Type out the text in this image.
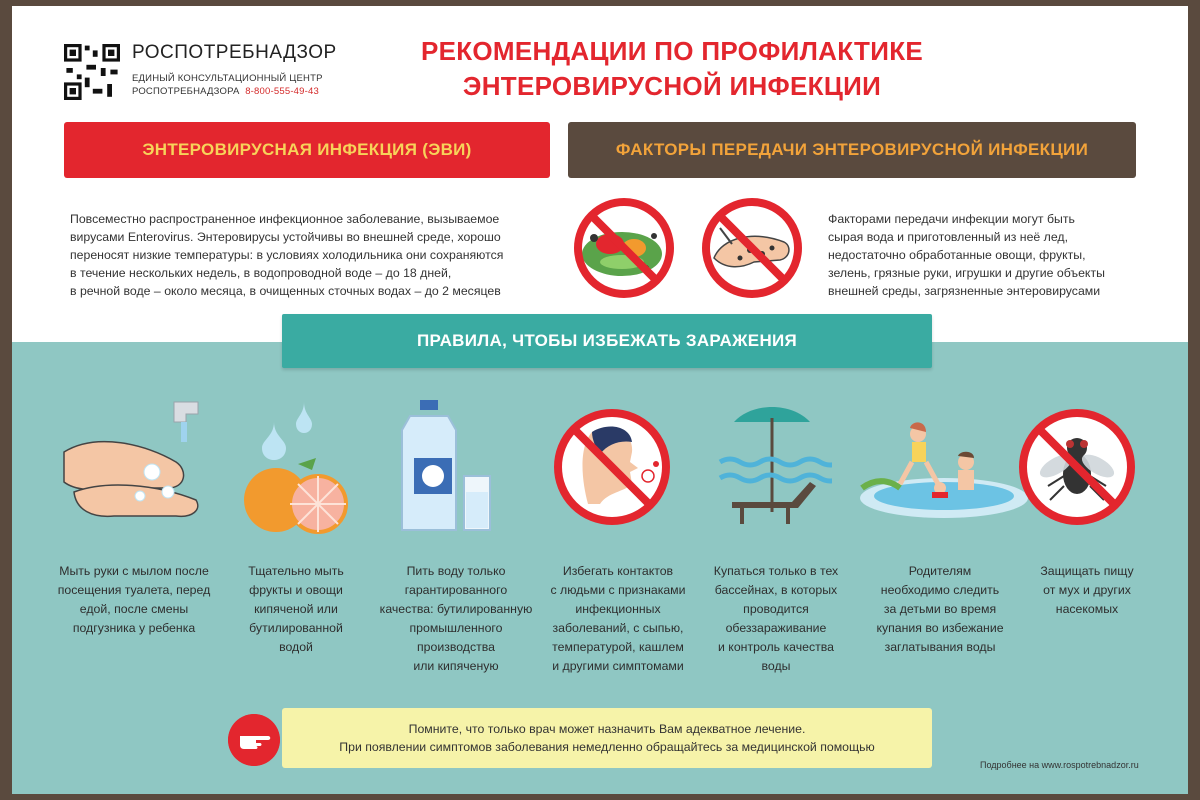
РОСПОТРЕБНАДЗОР
ЕДИНЫЙ КОНСУЛЬТАЦИОННЫЙ ЦЕНТР
РОСПОТРЕБНАДЗОРА 8-800-555-49-43
РЕКОМЕНДАЦИИ ПО ПРОФИЛАКТИКЕ
ЭНТЕРОВИРУСНОЙ ИНФЕКЦИИ
ЭНТЕРОВИРУСНАЯ ИНФЕКЦИЯ (ЭВИ)	ФАКТОРЫ ПЕРЕДАЧИ ЭНТЕРОВИРУСНОЙ ИНФЕКЦИИ
Повсеместно распространенное инфекционное заболевание, вызываемое
вирусами Enterovirus. Энтеровирусы устойчивы во внешней среде, хорошо
переносят низкие температуры: в условиях холодильника они сохраняются
в течение нескольких недель, в водопроводной воде – до 18 дней,
в речной воде – около месяца, в очищенных сточных водах – до 2 месяцев
Факторами передачи инфекции могут быть
сырая вода и приготовленный из неё лед,
недостаточно обработанные овощи, фрукты,
зелень, грязные руки, игрушки и другие объекты
внешней среды, загрязненные энтеровирусами
ПРАВИЛА, ЧТОБЫ ИЗБЕЖАТЬ ЗАРАЖЕНИЯ
Мыть руки с мылом после
посещения туалета, перед
едой, после смены
подгузника у ребенка
Тщательно мыть
фрукты и овощи
кипяченой или
бутилированной
водой
Пить воду только
гарантированного
качества: бутилированную
промышленного
производства
или кипяченую
Избегать контактов
с людьми с признаками
инфекционных
заболеваний, с сыпью,
температурой, кашлем
и другими симптомами
Купаться только в тех
бассейнах, в которых
проводится
обеззараживание
и контроль качества
воды
Родителям
необходимо следить
за детьми во время
купания во избежание
заглатывания воды
Защищать пищу
от мух и других
насекомых
Помните, что только врач может назначить Вам адекватное лечение.
При появлении симптомов заболевания немедленно обращайтесь за медицинской помощью
Подробнее на www.rospotrebnadzor.ru
